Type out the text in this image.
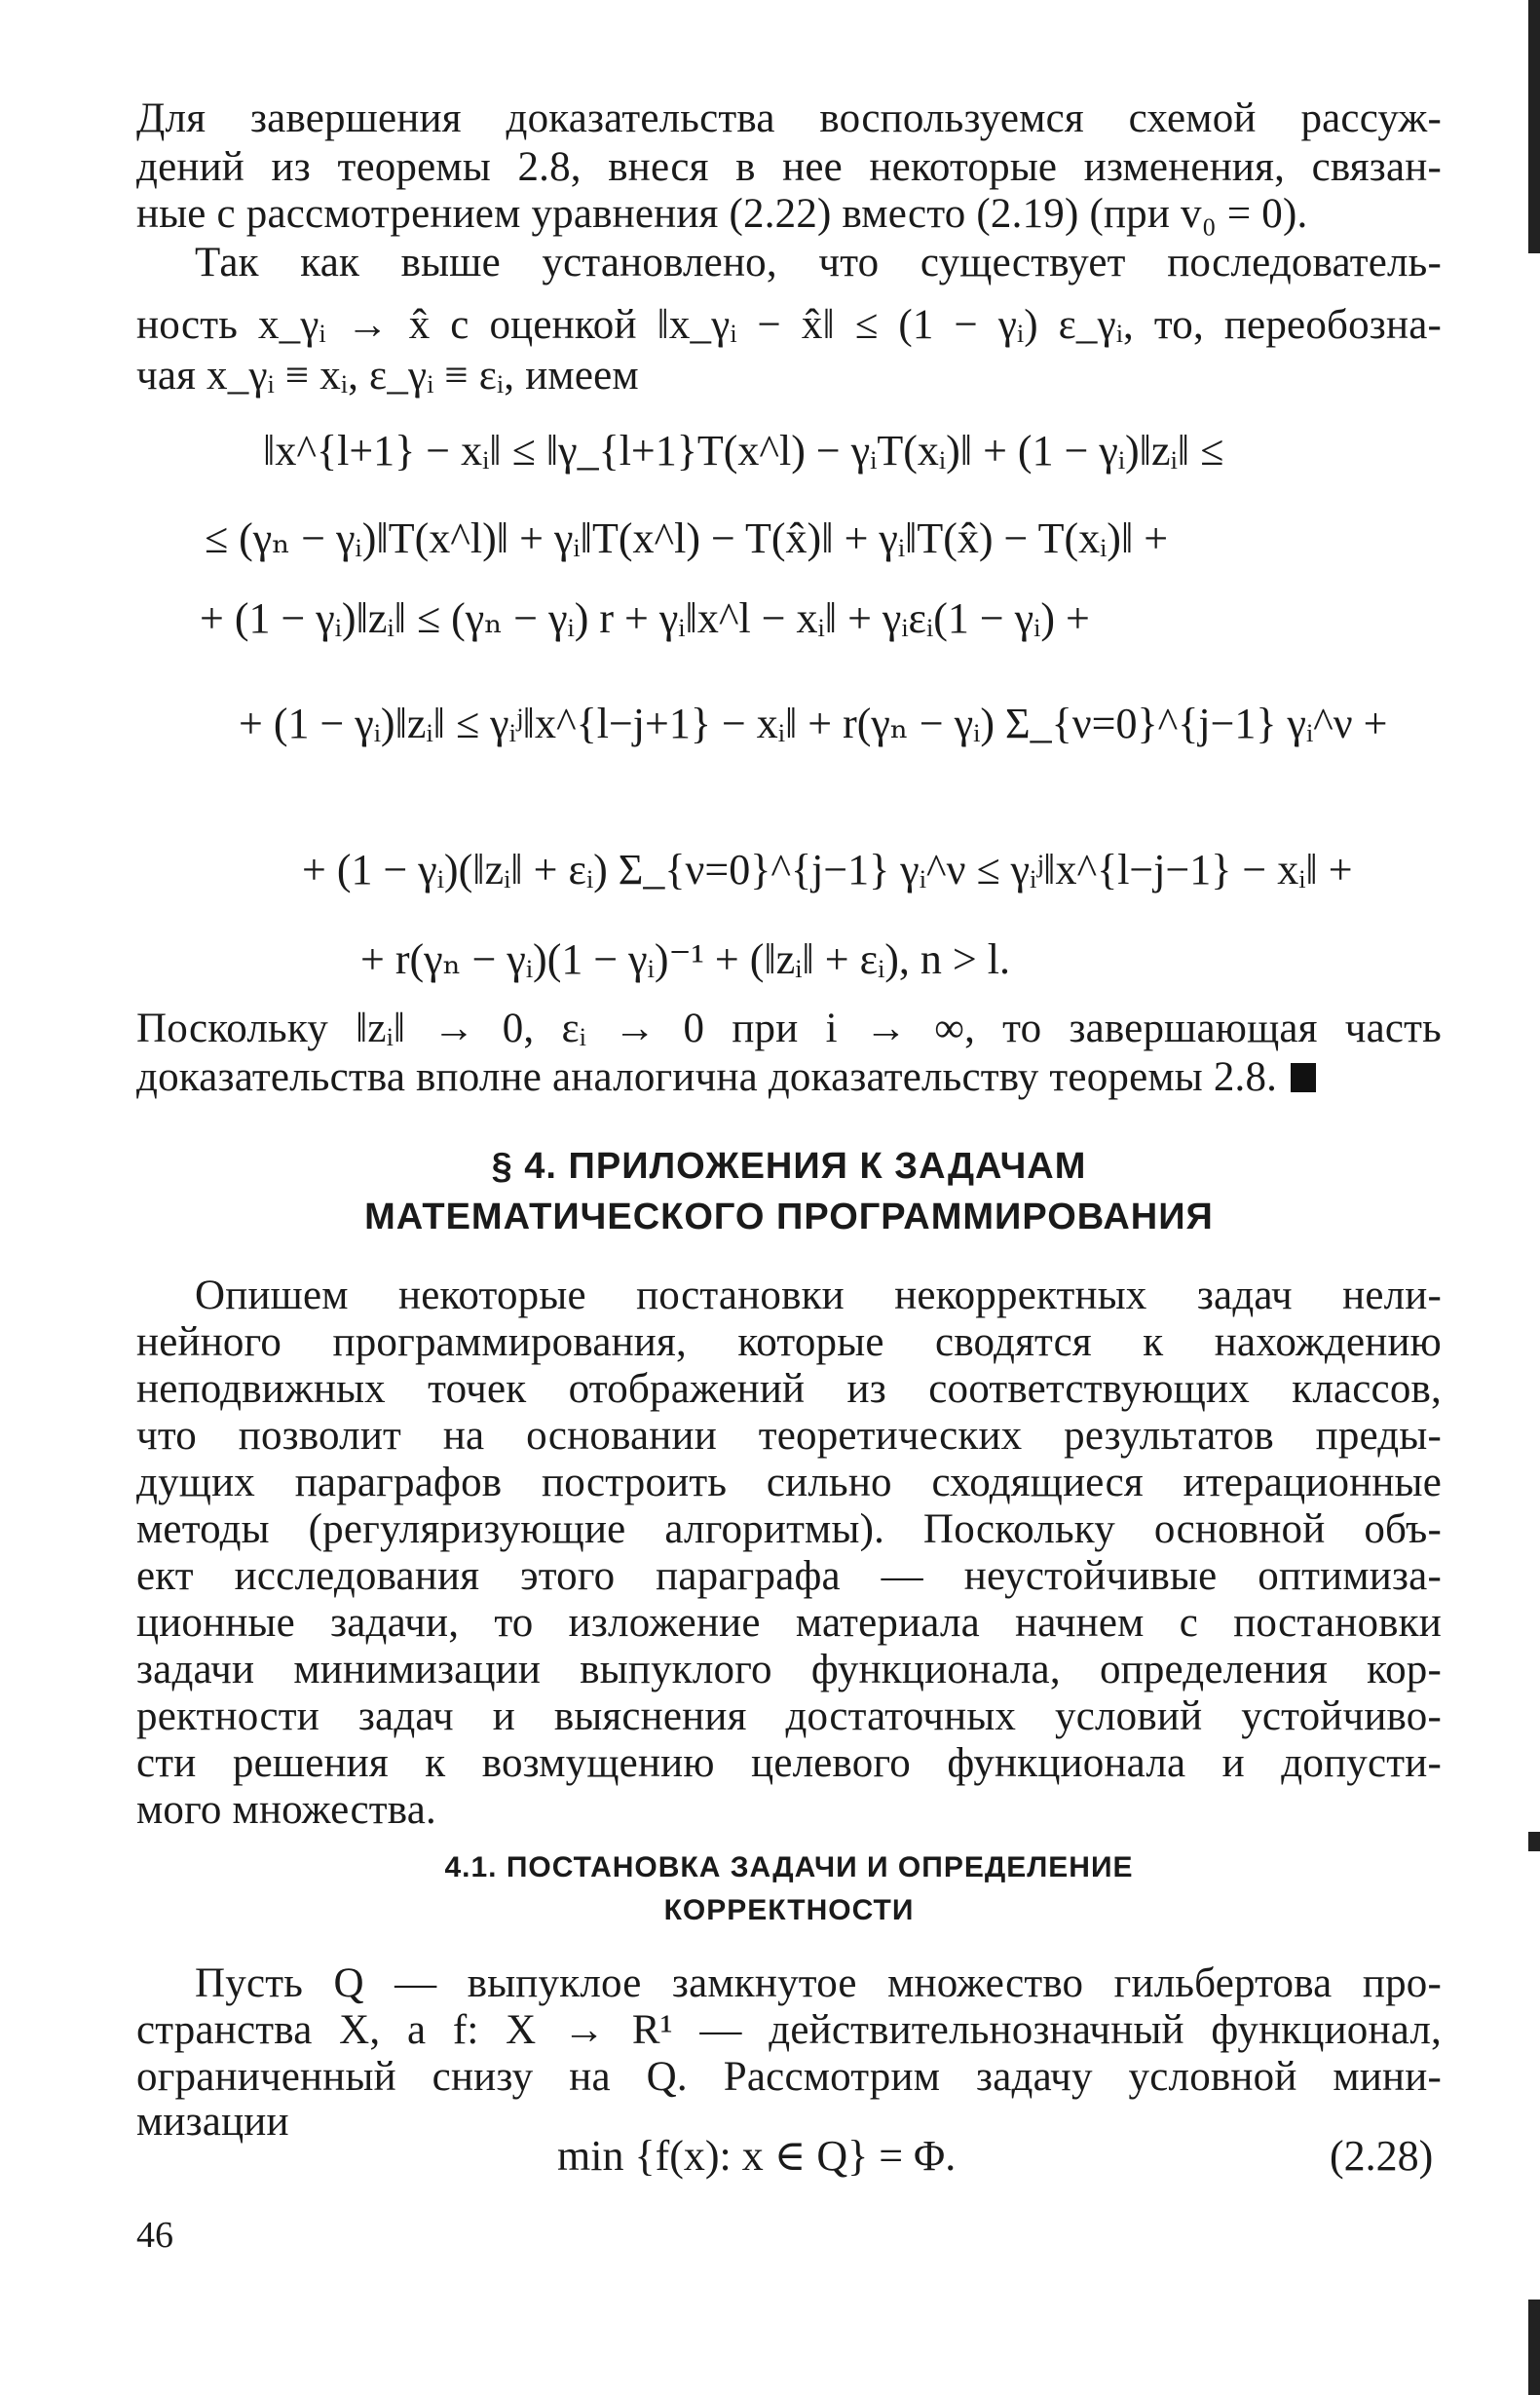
Для завершения доказательства воспользуемся схемой рассуж-
дений из теоремы 2.8, внеся в нее некоторые изменения, связан-
ные с рассмотрением уравнения (2.22) вместо (2.19) (при v₀ = 0).
Так как выше установлено, что существует последователь-
ность x_γᵢ → x̂ с оценкой ‖x_γᵢ − x̂‖ ≤ (1 − γᵢ) ε_γᵢ, то, переобозна-
чая x_γᵢ ≡ xᵢ, ε_γᵢ ≡ εᵢ, имеем
‖x^{l+1} − xᵢ‖ ≤ ‖γ_{l+1}T(x^l) − γᵢT(xᵢ)‖ + (1 − γᵢ)‖zᵢ‖ ≤
≤ (γₙ − γᵢ)‖T(x^l)‖ + γᵢ‖T(x^l) − T(x̂)‖ + γᵢ‖T(x̂) − T(xᵢ)‖ +
+ (1 − γᵢ)‖zᵢ‖ ≤ (γₙ − γᵢ) r + γᵢ‖x^l − xᵢ‖ + γᵢεᵢ(1 − γᵢ) +
+ (1 − γᵢ)‖zᵢ‖ ≤ γᵢʲ‖x^{l−j+1} − xᵢ‖ + r(γₙ − γᵢ) Σ_{ν=0}^{j−1} γᵢ^ν +
+ (1 − γᵢ)(‖zᵢ‖ + εᵢ) Σ_{ν=0}^{j−1} γᵢ^ν ≤ γᵢʲ‖x^{l−j−1} − xᵢ‖ +
+ r(γₙ − γᵢ)(1 − γᵢ)⁻¹ + (‖zᵢ‖ + εᵢ), n > l.
Поскольку ‖zᵢ‖ → 0, εᵢ → 0 при i → ∞, то завершающая часть
доказательства вполне аналогична доказательству теоремы 2.8.
§ 4. ПРИЛОЖЕНИЯ К ЗАДАЧАМ
МАТЕМАТИЧЕСКОГО ПРОГРАММИРОВАНИЯ
Опишем некоторые постановки некорректных задач нели-
нейного программирования, которые сводятся к нахождению
неподвижных точек отображений из соответствующих классов,
что позволит на основании теоретических результатов преды-
дущих параграфов построить сильно сходящиеся итерационные
методы (регуляризующие алгоритмы). Поскольку основной объ-
ект исследования этого параграфа — неустойчивые оптимиза-
ционные задачи, то изложение материала начнем с постановки
задачи минимизации выпуклого функционала, определения кор-
ректности задач и выяснения достаточных условий устойчиво-
сти решения к возмущению целевого функционала и допусти-
мого множества.
4.1. ПОСТАНОВКА ЗАДАЧИ И ОПРЕДЕЛЕНИЕ
КОРРЕКТНОСТИ
Пусть Q — выпуклое замкнутое множество гильбертова про-
странства X, а f: X → R¹ — действительнозначный функционал,
ограниченный снизу на Q. Рассмотрим задачу условной мини-
мизации
min {f(x): x ∈ Q} = Φ.	(2.28)
46
